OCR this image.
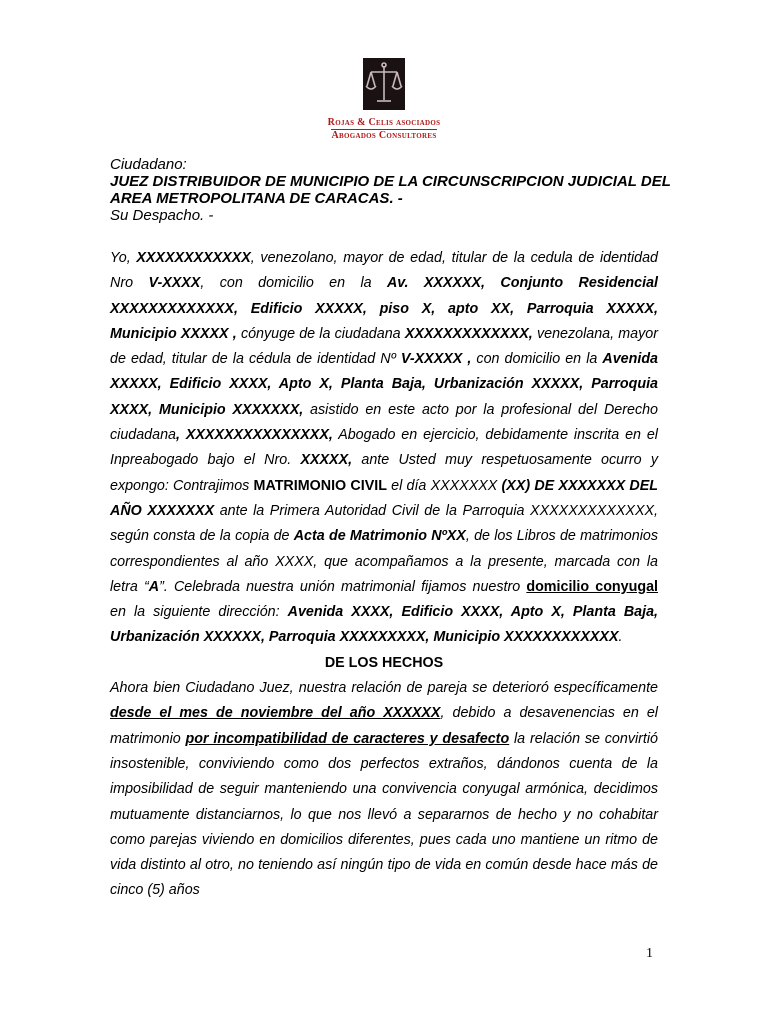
Rojas & Celis asociados
Abogados Consultores
Ciudadano:
JUEZ DISTRIBUIDOR DE MUNICIPIO DE LA CIRCUNSCRIPCION JUDICIAL DEL AREA METROPOLITANA DE CARACAS. -
Su Despacho. -

Yo, XXXXXXXXXXXX, venezolano, mayor de edad, titular de la cedula de identidad Nro V-XXXX, con domicilio en la Av. XXXXXX, Conjunto Residencial XXXXXXXXXXXXX, Edificio XXXXX, piso X, apto XX, Parroquia XXXXX, Municipio XXXXX , cónyuge de la ciudadana XXXXXXXXXXXXX, venezolana, mayor de edad, titular de la cédula de identidad Nº V-XXXXX , con domicilio en la Avenida XXXXX, Edificio XXXX, Apto X, Planta Baja, Urbanización XXXXX, Parroquia XXXX, Municipio XXXXXXX, asistido en este acto por la profesional del Derecho ciudadana, XXXXXXXXXXXXXXX, Abogado en ejercicio, debidamente inscrita en el Inpreabogado bajo el Nro. XXXXX, ante Usted muy respetuosamente ocurro y expongo: Contrajimos MATRIMONIO CIVIL el día XXXXXXX (XX) DE XXXXXXX DEL AÑO XXXXXXX ante la Primera Autoridad Civil de la Parroquia XXXXXXXXXXXXX, según consta de la copia de Acta de Matrimonio NºXX, de los Libros de matrimonios correspondientes al año XXXX, que acompañamos a la presente, marcada con la letra “A”. Celebrada nuestra unión matrimonial fijamos nuestro domicilio conyugal en la siguiente dirección: Avenida XXXX, Edificio XXXX, Apto X, Planta Baja, Urbanización XXXXXX, Parroquia XXXXXXXXX, Municipio XXXXXXXXXXXX.

DE LOS HECHOS

Ahora bien Ciudadano Juez, nuestra relación de pareja se deterioró específicamente desde el mes de noviembre del año XXXXXX, debido a desavenencias en el matrimonio por incompatibilidad de caracteres y desafecto la relación se convirtió insostenible, conviviendo como dos perfectos extraños, dándonos cuenta de la imposibilidad de seguir manteniendo una convivencia conyugal armónica, decidimos mutuamente distanciarnos, lo que nos llevó a separarnos de hecho y no cohabitar como parejas viviendo en domicilios diferentes, pues cada uno mantiene un ritmo de vida distinto al otro, no teniendo así ningún tipo de vida en común desde hace más de cinco (5) años

1
